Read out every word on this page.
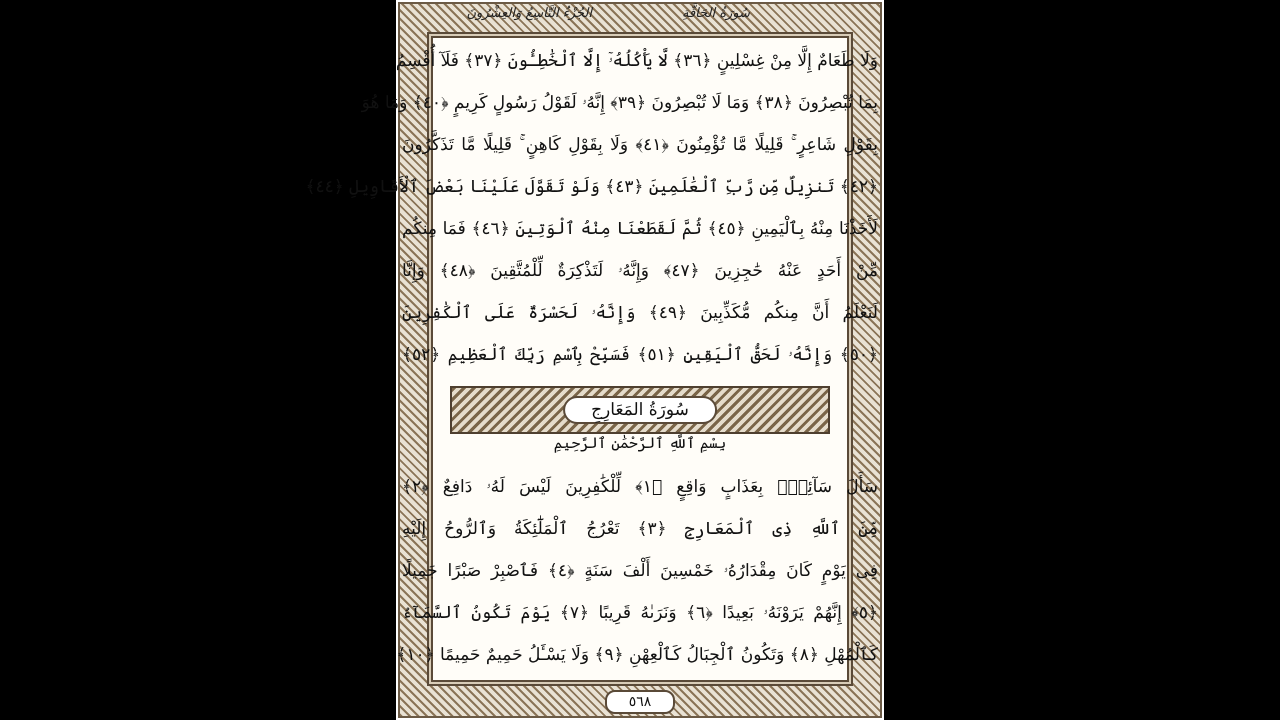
الجُزْءُ التَّاسِعُ وَالعِشْرُونَ	سُورَةُ الحَاقَّةِ
وَلَا طَعَامٌ إِلَّا مِنْ غِسْلِينٍ ﴿٣٦﴾ لَّا يَأْكُلُهُۥٓ إِلَّا ٱلْخَٰطِـُٔونَ ﴿٣٧﴾ فَلَآ أُقْسِمُ
بِمَا تُبْصِرُونَ ﴿٣٨﴾ وَمَا لَا تُبْصِرُونَ ﴿٣٩﴾ إِنَّهُۥ لَقَوْلُ رَسُولٍ كَرِيمٍ ﴿٤٠﴾ وَمَا هُوَ
بِقَوْلِ شَاعِرٍ ۚ قَلِيلًا مَّا تُؤْمِنُونَ ﴿٤١﴾ وَلَا بِقَوْلِ كَاهِنٍ ۚ قَلِيلًا مَّا تَذَكَّرُونَ
﴿٤٢﴾ تَنزِيلٌ مِّن رَّبِّ ٱلْعَٰلَمِينَ ﴿٤٣﴾ وَلَوْ تَقَوَّلَ عَلَيْنَا بَعْضَ ٱلْأَقَاوِيلِ ﴿٤٤﴾
لَأَخَذْنَا مِنْهُ بِٱلْيَمِينِ ﴿٤٥﴾ ثُمَّ لَقَطَعْنَا مِنْهُ ٱلْوَتِينَ ﴿٤٦﴾ فَمَا مِنكُم
مِّنْ أَحَدٍ عَنْهُ حَٰجِزِينَ ﴿٤٧﴾ وَإِنَّهُۥ لَتَذْكِرَةٌ لِّلْمُتَّقِينَ ﴿٤٨﴾ وَإِنَّا
لَنَعْلَمُ أَنَّ مِنكُم مُّكَذِّبِينَ ﴿٤٩﴾ وَإِنَّهُۥ لَحَسْرَةٌ عَلَى ٱلْكَٰفِرِينَ
﴿٥٠﴾ وَإِنَّهُۥ لَحَقُّ ٱلْيَقِينِ ﴿٥١﴾ فَسَبِّحْ بِٱسْمِ رَبِّكَ ٱلْعَظِيمِ ﴿٥٢﴾
سُورَةُ المَعَارِجِ
بِسْمِ ٱللَّهِ ٱلرَّحْمَٰنِ ٱلرَّحِيمِ
سَأَلَ سَآئِلٌۢ بِعَذَابٍ وَاقِعٍ ﴿١﴾ لِّلْكَٰفِرِينَ لَيْسَ لَهُۥ دَافِعٌ ﴿٢﴾
مِّنَ ٱللَّهِ ذِى ٱلْمَعَارِجِ ﴿٣﴾ تَعْرُجُ ٱلْمَلَٰٓئِكَةُ وَٱلرُّوحُ إِلَيْهِ
فِى يَوْمٍ كَانَ مِقْدَارُهُۥ خَمْسِينَ أَلْفَ سَنَةٍ ﴿٤﴾ فَٱصْبِرْ صَبْرًا جَمِيلًا
﴿٥﴾ إِنَّهُمْ يَرَوْنَهُۥ بَعِيدًا ﴿٦﴾ وَنَرَىٰهُ قَرِيبًا ﴿٧﴾ يَوْمَ تَكُونُ ٱلسَّمَآءُ
كَٱلْمُهْلِ ﴿٨﴾ وَتَكُونُ ٱلْجِبَالُ كَٱلْعِهْنِ ﴿٩﴾ وَلَا يَسْـَٔلُ حَمِيمٌ حَمِيمًا ﴿١٠﴾
٥٦٨
